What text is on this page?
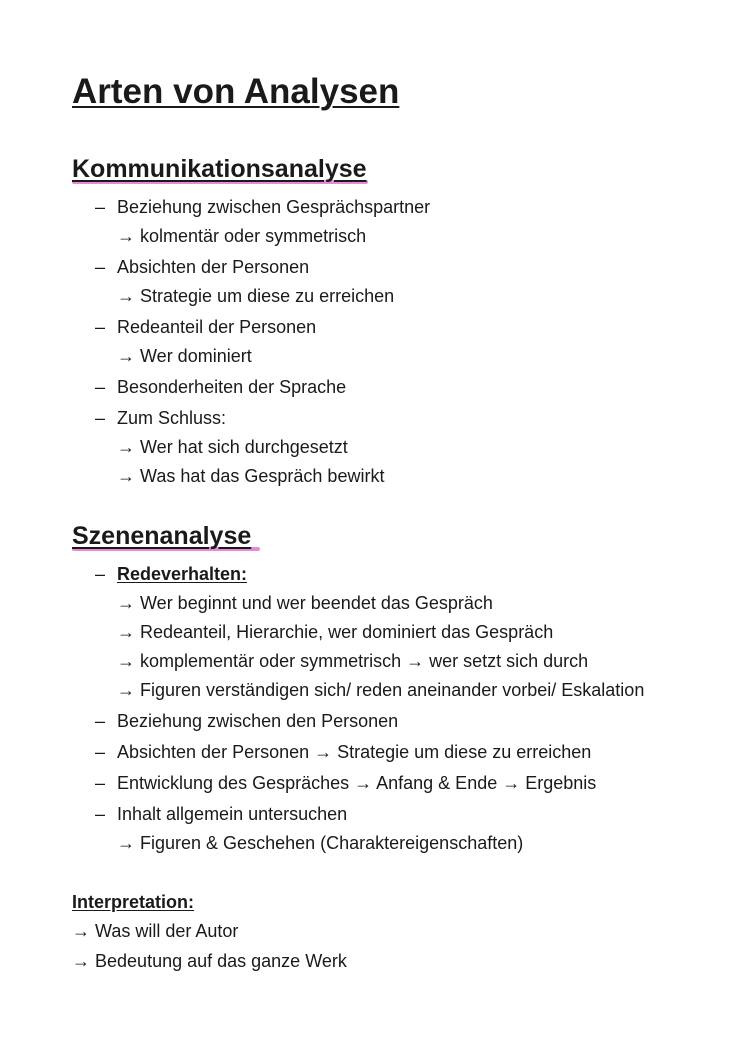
Arten von Analysen
Kommunikationsanalyse
– Beziehung zwischen Gesprächspartner
→ kolmentär oder symmetrisch
– Absichten der Personen
→ Strategie um diese zu erreichen
– Redeanteil der Personen
→ Wer dominiert
– Besonderheiten der Sprache
– Zum Schluss:
→ Wer hat sich durchgesetzt
→ Was hat das Gespräch bewirkt
Szenenanalyse
– Redeverhalten:
→ Wer beginnt und wer beendet das Gespräch
→ Redeanteil, Hierarchie, wer dominiert das Gespräch
→ komplementär oder symmetrisch → wer setzt sich durch
→ Figuren verständigen sich/ reden aneinander vorbei/ Eskalation
– Beziehung zwischen den Personen
– Absichten der Personen → Strategie um diese zu erreichen
– Entwicklung des Gespräches → Anfang & Ende → Ergebnis
– Inhalt allgemein untersuchen
→ Figuren & Geschehen (Charaktereigenschaften)
Interpretation:
→ Was will der Autor
→ Bedeutung auf das ganze Werk
